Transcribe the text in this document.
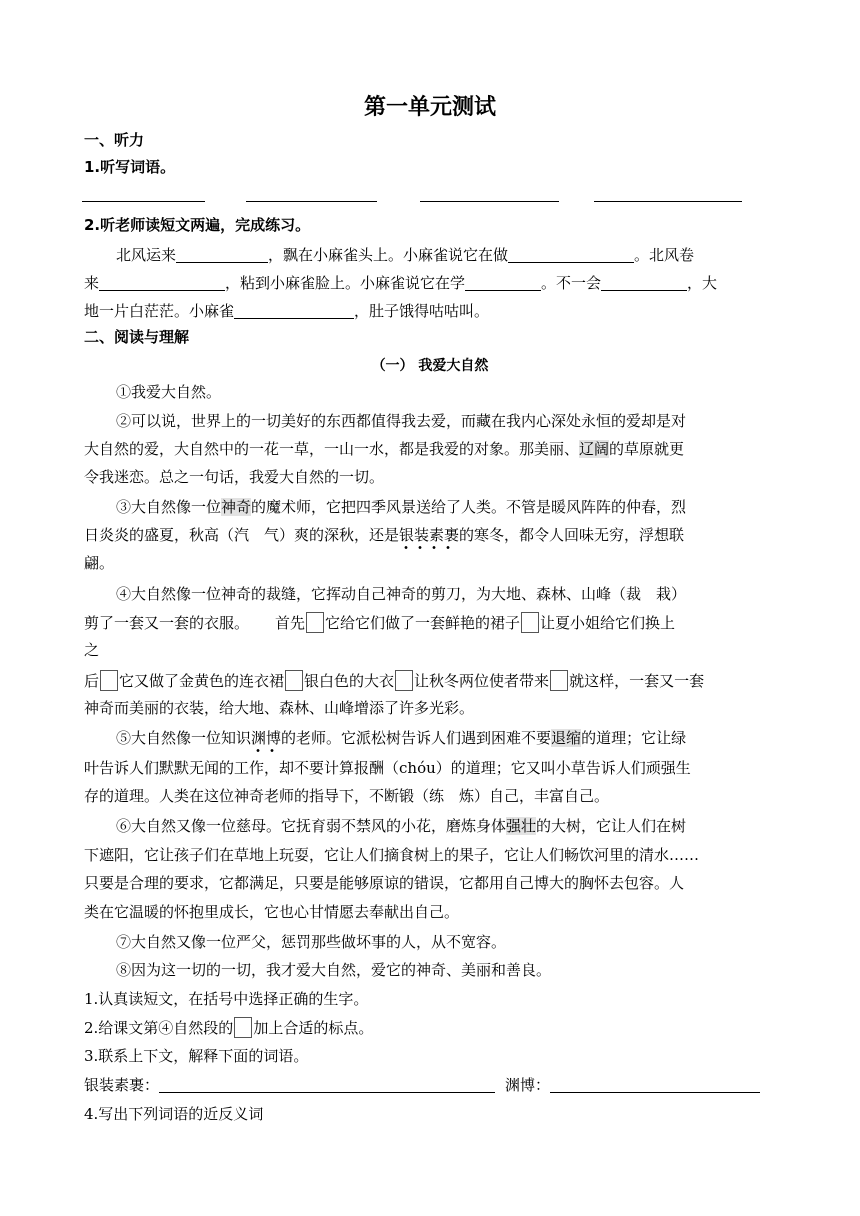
第一单元测试
一、听力
1.听写词语。
2.听老师读短文两遍，完成练习。
北风运来	，飘在小麻雀头上。小麻雀说它在做	。北风卷
来	，粘到小麻雀脸上。小麻雀说它在学	。不一会	，大
地一片白茫茫。小麻雀	，肚子饿得咕咕叫。
二、阅读与理解
（一） 我爱大自然
①我爱大自然。
②可以说，世界上的一切美好的东西都值得我去爱，而藏在我内心深处永恒的爱却是对
大自然的爱，大自然中的一花一草，一山一水，都是我爱的对象。那美丽、辽阔的草原就更
令我迷恋。总之一句话，我爱大自然的一切。
③大自然像一位神奇的魔术师，它把四季风景送给了人类。不管是暖风阵阵的仲春，烈
日炎炎的盛夏，秋高（汽　气）爽的深秋，还是银装素裹的寒冬，都令人回味无穷，浮想联
翩。
④大自然像一位神奇的裁缝，它挥动自己神奇的剪刀，为大地、森林、山峰（裁　栽）
剪了一套又一套的衣服。 首先 它给它们做了一套鲜艳的裙子 让夏小姐给它们换上
之
后 它又做了金黄色的连衣裙 银白色的大衣 让秋冬两位使者带来 就这样，一套又一套
神奇而美丽的衣装，给大地、森林、山峰增添了许多光彩。
⑤大自然像一位知识渊博的老师。它派松树告诉人们遇到困难不要退缩的道理；它让绿
叶告诉人们默默无闻的工作，却不要计算报酬（chóu）的道理；它又叫小草告诉人们顽强生
存的道理。人类在这位神奇老师的指导下，不断锻（练　炼）自己，丰富自己。
⑥大自然又像一位慈母。它抚育弱不禁风的小花，磨炼身体强壮的大树，它让人们在树
下遮阳，它让孩子们在草地上玩耍，它让人们摘食树上的果子，它让人们畅饮河里的清水……
只要是合理的要求，它都满足，只要是能够原谅的错误，它都用自己博大的胸怀去包容。人
类在它温暖的怀抱里成长，它也心甘情愿去奉献出自己。
⑦大自然又像一位严父，惩罚那些做坏事的人，从不宽容。
⑧因为这一切的一切，我才爱大自然，爱它的神奇、美丽和善良。
1.认真读短文，在括号中选择正确的生字。
2.给课文第④自然段的 加上合适的标点。
3.联系上下文，解释下面的词语。
银装素裹：	渊博：
4.写出下列词语的近反义词
